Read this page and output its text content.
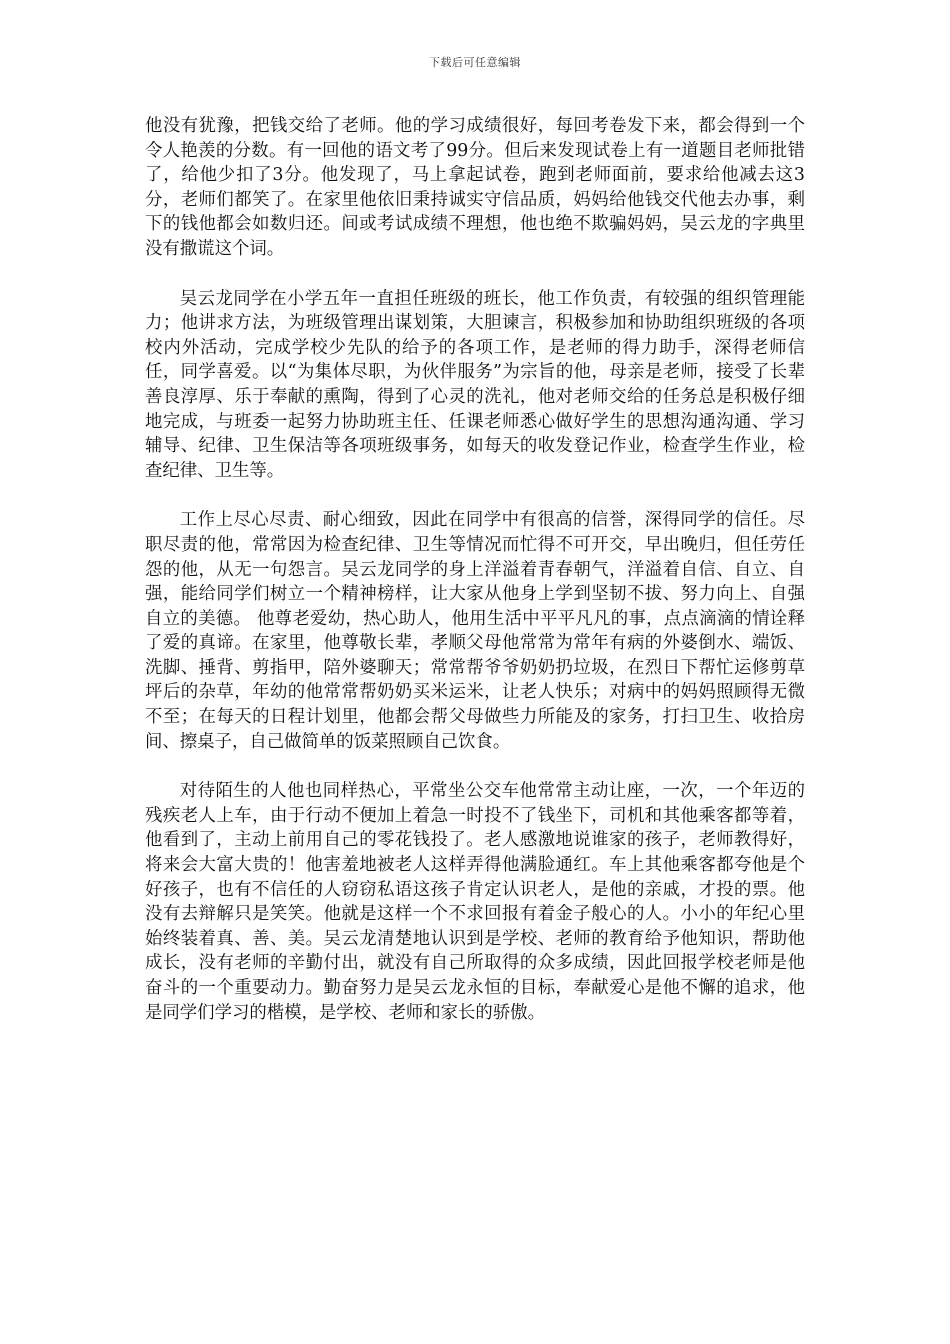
下载后可任意编辑

他没有犹豫，把钱交给了老师。他的学习成绩很好，每回考卷发下来，都会得到一个令人艳羡的分数。有一回他的语文考了99分。但后来发现试卷上有一道题目老师批错了，给他少扣了3分。他发现了，马上拿起试卷，跑到老师面前，要求给他减去这3分，老师们都笑了。在家里他依旧秉持诚实守信品质，妈妈给他钱交代他去办事，剩下的钱他都会如数归还。间或考试成绩不理想，他也绝不欺骗妈妈，吴云龙的字典里没有撒谎这个词。

吴云龙同学在小学五年一直担任班级的班长，他工作负责，有较强的组织管理能力；他讲求方法，为班级管理出谋划策，大胆谏言，积极参加和协助组织班级的各项校内外活动，完成学校少先队的给予的各项工作，是老师的得力助手，深得老师信任，同学喜爱。以“为集体尽职，为伙伴服务”为宗旨的他，母亲是老师，接受了长辈善良淳厚、乐于奉献的熏陶，得到了心灵的洗礼，他对老师交给的任务总是积极仔细地完成，与班委一起努力协助班主任、任课老师悉心做好学生的思想沟通沟通、学习辅导、纪律、卫生保洁等各项班级事务，如每天的收发登记作业，检查学生作业，检查纪律、卫生等。

工作上尽心尽责、耐心细致，因此在同学中有很高的信誉，深得同学的信任。尽职尽责的他，常常因为检查纪律、卫生等情况而忙得不可开交，早出晚归，但任劳任怨的他，从无一句怨言。吴云龙同学的身上洋溢着青春朝气，洋溢着自信、自立、自强，能给同学们树立一个精神榜样，让大家从他身上学到坚韧不拔、努力向上、自强自立的美德。 他尊老爱幼，热心助人，他用生活中平平凡凡的事，点点滴滴的情诠释了爱的真谛。在家里，他尊敬长辈，孝顺父母他常常为常年有病的外婆倒水、端饭、洗脚、捶背、剪指甲，陪外婆聊天；常常帮爷爷奶奶扔垃圾，在烈日下帮忙运修剪草坪后的杂草，年幼的他常常帮奶奶买米运米，让老人快乐；对病中的妈妈照顾得无微不至；在每天的日程计划里，他都会帮父母做些力所能及的家务，打扫卫生、收拾房间、擦桌子，自己做简单的饭菜照顾自己饮食。

对待陌生的人他也同样热心，平常坐公交车他常常主动让座，一次，一个年迈的残疾老人上车，由于行动不便加上着急一时投不了钱坐下，司机和其他乘客都等着，他看到了，主动上前用自己的零花钱投了。老人感激地说谁家的孩子，老师教得好，将来会大富大贵的！他害羞地被老人这样弄得他满脸通红。车上其他乘客都夸他是个好孩子，也有不信任的人窃窃私语这孩子肯定认识老人，是他的亲戚，才投的票。他没有去辩解只是笑笑。他就是这样一个不求回报有着金子般心的人。小小的年纪心里始终装着真、善、美。吴云龙清楚地认识到是学校、老师的教育给予他知识，帮助他成长，没有老师的辛勤付出，就没有自己所取得的众多成绩，因此回报学校老师是他奋斗的一个重要动力。勤奋努力是吴云龙永恒的目标，奉献爱心是他不懈的追求，他是同学们学习的楷模，是学校、老师和家长的骄傲。
